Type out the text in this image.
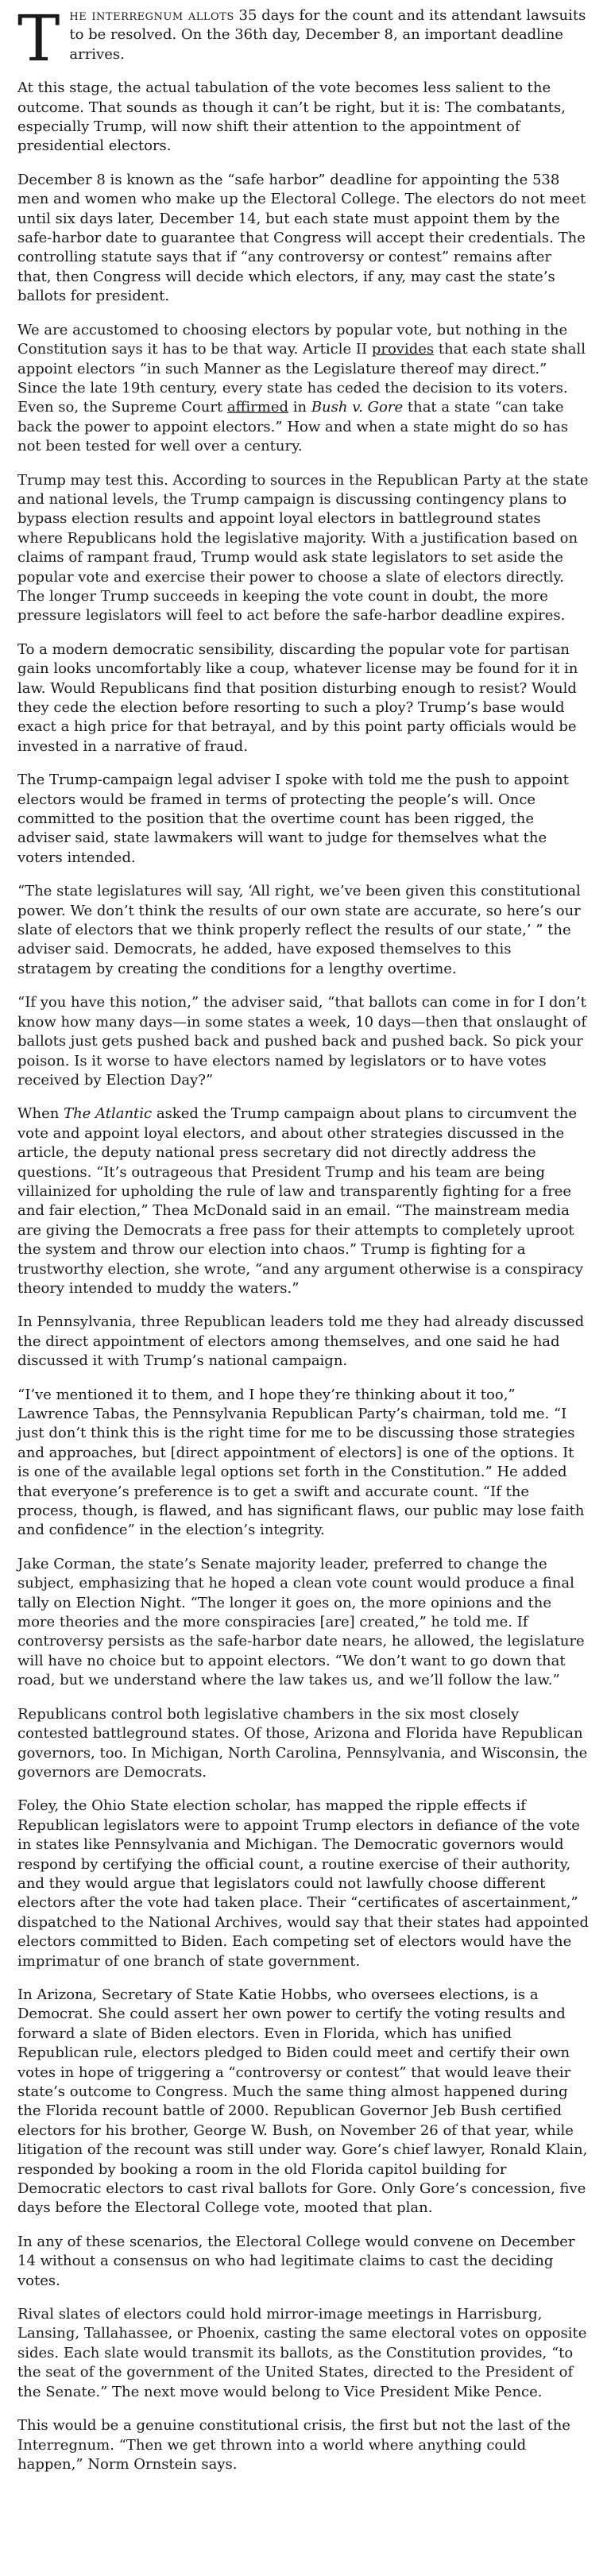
The interregnum allots 35 days for the count and its attendant lawsuits to be resolved. On the 36th day, December 8, an important deadline arrives.

At this stage, the actual tabulation of the vote becomes less salient to the outcome. That sounds as though it can’t be right, but it is: The combatants, especially Trump, will now shift their attention to the appointment of presidential electors.

December 8 is known as the “safe harbor” deadline for appointing the 538 men and women who make up the Electoral College. The electors do not meet until six days later, December 14, but each state must appoint them by the safe-harbor date to guarantee that Congress will accept their credentials. The controlling statute says that if “any controversy or contest” remains after that, then Congress will decide which electors, if any, may cast the state’s ballots for president.

We are accustomed to choosing electors by popular vote, but nothing in the Constitution says it has to be that way. Article II provides that each state shall appoint electors “in such Manner as the Legislature thereof may direct.” Since the late 19th century, every state has ceded the decision to its voters. Even so, the Supreme Court affirmed in Bush v. Gore that a state “can take back the power to appoint electors.” How and when a state might do so has not been tested for well over a century.

Trump may test this. According to sources in the Republican Party at the state and national levels, the Trump campaign is discussing contingency plans to bypass election results and appoint loyal electors in battleground states where Republicans hold the legislative majority. With a justification based on claims of rampant fraud, Trump would ask state legislators to set aside the popular vote and exercise their power to choose a slate of electors directly. The longer Trump succeeds in keeping the vote count in doubt, the more pressure legislators will feel to act before the safe-harbor deadline expires.

To a modern democratic sensibility, discarding the popular vote for partisan gain looks uncomfortably like a coup, whatever license may be found for it in law. Would Republicans find that position disturbing enough to resist? Would they cede the election before resorting to such a ploy? Trump’s base would exact a high price for that betrayal, and by this point party officials would be invested in a narrative of fraud.

The Trump-campaign legal adviser I spoke with told me the push to appoint electors would be framed in terms of protecting the people’s will. Once committed to the position that the overtime count has been rigged, the adviser said, state lawmakers will want to judge for themselves what the voters intended.

“The state legislatures will say, ‘All right, we’ve been given this constitutional power. We don’t think the results of our own state are accurate, so here’s our slate of electors that we think properly reflect the results of our state,’ ” the adviser said. Democrats, he added, have exposed themselves to this stratagem by creating the conditions for a lengthy overtime.

“If you have this notion,” the adviser said, “that ballots can come in for I don’t know how many days—in some states a week, 10 days—then that onslaught of ballots just gets pushed back and pushed back and pushed back. So pick your poison. Is it worse to have electors named by legislators or to have votes received by Election Day?”

When The Atlantic asked the Trump campaign about plans to circumvent the vote and appoint loyal electors, and about other strategies discussed in the article, the deputy national press secretary did not directly address the questions. “It’s outrageous that President Trump and his team are being villainized for upholding the rule of law and transparently fighting for a free and fair election,” Thea McDonald said in an email. “The mainstream media are giving the Democrats a free pass for their attempts to completely uproot the system and throw our election into chaos.” Trump is fighting for a trustworthy election, she wrote, “and any argument otherwise is a conspiracy theory intended to muddy the waters.”

In Pennsylvania, three Republican leaders told me they had already discussed the direct appointment of electors among themselves, and one said he had discussed it with Trump’s national campaign.

“I’ve mentioned it to them, and I hope they’re thinking about it too,” Lawrence Tabas, the Pennsylvania Republican Party’s chairman, told me. “I just don’t think this is the right time for me to be discussing those strategies and approaches, but [direct appointment of electors] is one of the options. It is one of the available legal options set forth in the Constitution.” He added that everyone’s preference is to get a swift and accurate count. “If the process, though, is flawed, and has significant flaws, our public may lose faith and confidence” in the election’s integrity.

Jake Corman, the state’s Senate majority leader, preferred to change the subject, emphasizing that he hoped a clean vote count would produce a final tally on Election Night. “The longer it goes on, the more opinions and the more theories and the more conspiracies [are] created,” he told me. If controversy persists as the safe-harbor date nears, he allowed, the legislature will have no choice but to appoint electors. “We don’t want to go down that road, but we understand where the law takes us, and we’ll follow the law.”

Republicans control both legislative chambers in the six most closely contested battleground states. Of those, Arizona and Florida have Republican governors, too. In Michigan, North Carolina, Pennsylvania, and Wisconsin, the governors are Democrats.

Foley, the Ohio State election scholar, has mapped the ripple effects if Republican legislators were to appoint Trump electors in defiance of the vote in states like Pennsylvania and Michigan. The Democratic governors would respond by certifying the official count, a routine exercise of their authority, and they would argue that legislators could not lawfully choose different electors after the vote had taken place. Their “certificates of ascertainment,” dispatched to the National Archives, would say that their states had appointed electors committed to Biden. Each competing set of electors would have the imprimatur of one branch of state government.

In Arizona, Secretary of State Katie Hobbs, who oversees elections, is a Democrat. She could assert her own power to certify the voting results and forward a slate of Biden electors. Even in Florida, which has unified Republican rule, electors pledged to Biden could meet and certify their own votes in hope of triggering a “controversy or contest” that would leave their state’s outcome to Congress. Much the same thing almost happened during the Florida recount battle of 2000. Republican Governor Jeb Bush certified electors for his brother, George W. Bush, on November 26 of that year, while litigation of the recount was still under way. Gore’s chief lawyer, Ronald Klain, responded by booking a room in the old Florida capitol building for Democratic electors to cast rival ballots for Gore. Only Gore’s concession, five days before the Electoral College vote, mooted that plan.

In any of these scenarios, the Electoral College would convene on December 14 without a consensus on who had legitimate claims to cast the deciding votes.

Rival slates of electors could hold mirror-image meetings in Harrisburg, Lansing, Tallahassee, or Phoenix, casting the same electoral votes on opposite sides. Each slate would transmit its ballots, as the Constitution provides, “to the seat of the government of the United States, directed to the President of the Senate.” The next move would belong to Vice President Mike Pence.

This would be a genuine constitutional crisis, the first but not the last of the Interregnum. “Then we get thrown into a world where anything could happen,” Norm Ornstein says.
